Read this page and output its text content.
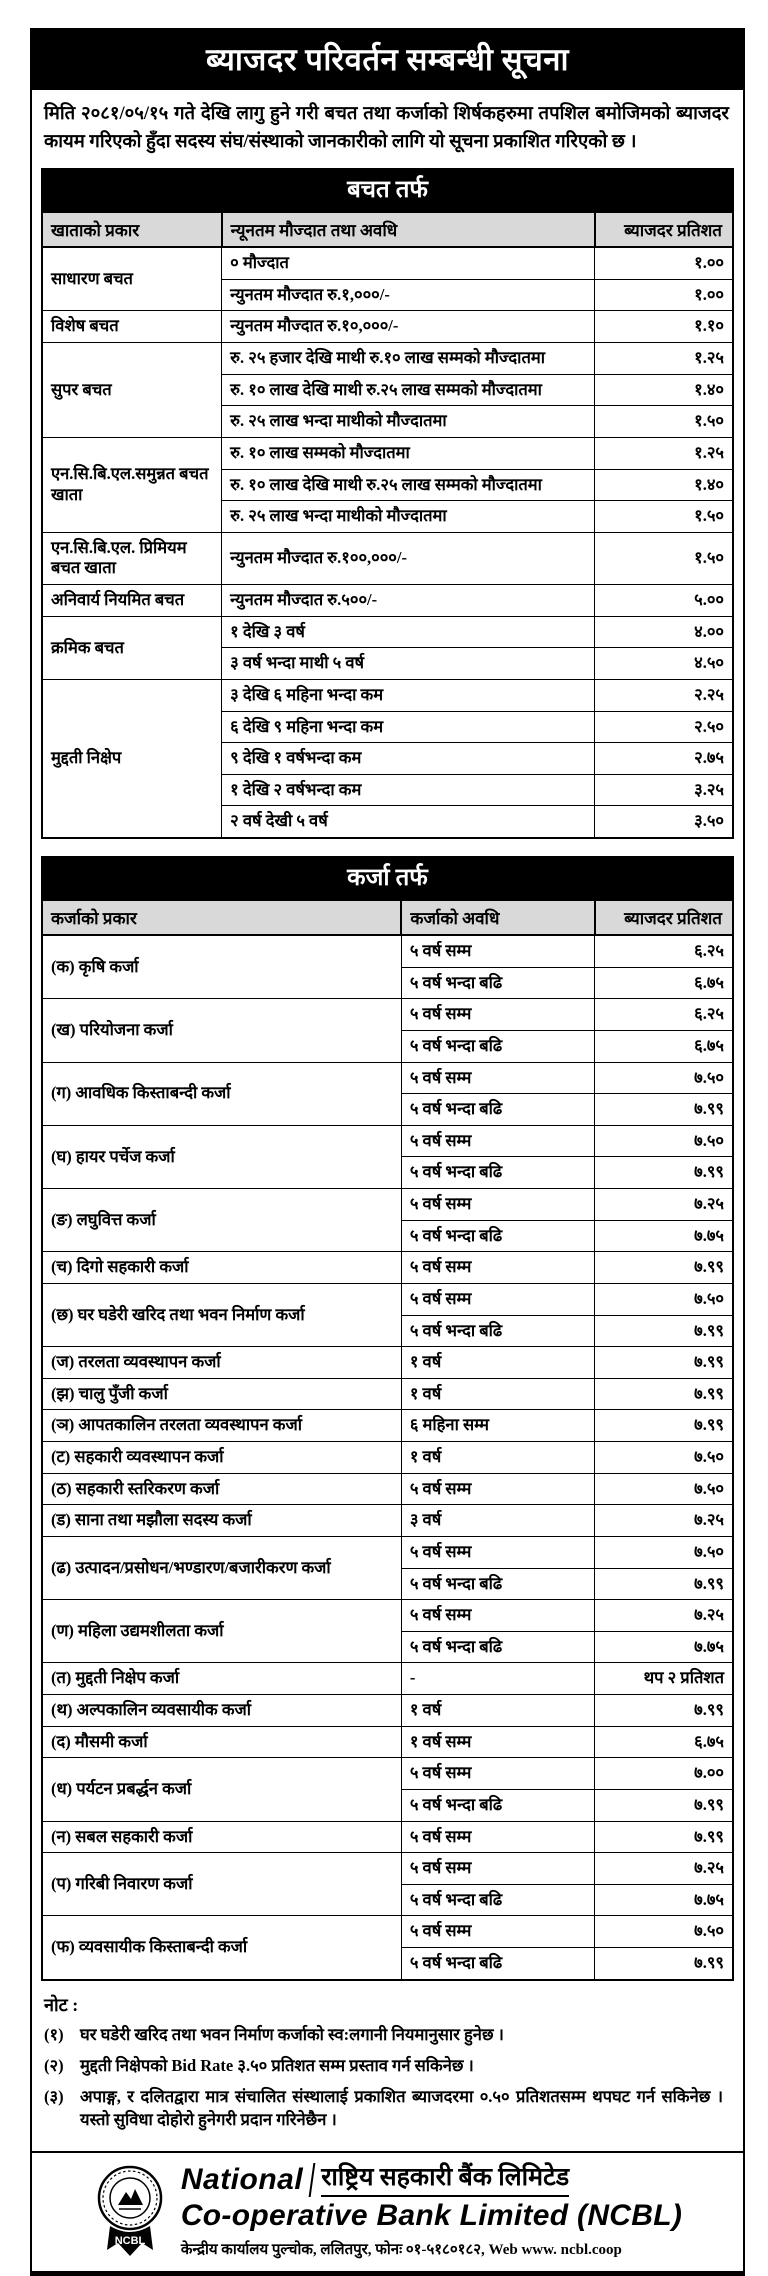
ब्याजदर परिवर्तन सम्बन्धी सूचना
मिति २०८१/०५/१५ गते देखि लागु हुने गरी बचत तथा कर्जाको शिर्षकहरुमा तपशिल बमोजिमको ब्याजदर कायम गरिएको हुँदा सदस्य संघ/संस्थाको जानकारीको लागि यो सूचना प्रकाशित गरिएको छ ।
बचत तर्फ
खाताको प्रकार	न्यूनतम मौज्दात तथा अवधि	ब्याजदर प्रतिशत
साधारण बचत	० मौज्दात	१.००
	न्युनतम मौज्दात रु.१,०००/-	१.००
विशेष बचत	न्युनतम मौज्दात रु.१०,०००/-	१.१०
सुपर बचत	रु. २५ हजार देखि माथी रु.१० लाख सम्मको मौज्दातमा	१.२५
	रु. १० लाख देखि माथी रु.२५ लाख सम्मको मौज्दातमा	१.४०
	रु. २५ लाख भन्दा माथीको मौज्दातमा	१.५०
एन.सि.बि.एल.समुन्नत बचत खाता	रु. १० लाख सम्मको मौज्दातमा	१.२५
	रु. १० लाख देखि माथी रु.२५ लाख सम्मको मौज्दातमा	१.४०
	रु. २५ लाख भन्दा माथीको मौज्दातमा	१.५०
एन.सि.बि.एल. प्रिमियम बचत खाता	न्युनतम मौज्दात रु.१००,०००/-	१.५०
अनिवार्य नियमित बचत	न्युनतम मौज्दात रु.५००/-	५.००
क्रमिक बचत	१ देखि ३ वर्ष	४.००
	३ वर्ष भन्दा माथी ५ वर्ष	४.५०
मुद्दती निक्षेप	३ देखि ६ महिना भन्दा कम	२.२५
	६ देखि ९ महिना भन्दा कम	२.५०
	९ देखि १ वर्षभन्दा कम	२.७५
	१ देखि २ वर्षभन्दा कम	३.२५
	२ वर्ष देखी ५ वर्ष	३.५०
कर्जा तर्फ
कर्जाको प्रकार	कर्जाको अवधि	ब्याजदर प्रतिशत
(क) कृषि कर्जा	५ वर्ष सम्म	६.२५
	५ वर्ष भन्दा बढि	६.७५
(ख) परियोजना कर्जा	५ वर्ष सम्म	६.२५
	५ वर्ष भन्दा बढि	६.७५
(ग) आवधिक किस्ताबन्दी कर्जा	५ वर्ष सम्म	७.५०
	५ वर्ष भन्दा बढि	७.९९
(घ) हायर पर्चेज कर्जा	५ वर्ष सम्म	७.५०
	५ वर्ष भन्दा बढि	७.९९
(ङ) लघुवित्त कर्जा	५ वर्ष सम्म	७.२५
	५ वर्ष भन्दा बढि	७.७५
(च) दिगो सहकारी कर्जा	५ वर्ष सम्म	७.९९
(छ) घर घडेरी खरिद तथा भवन निर्माण कर्जा	५ वर्ष सम्म	७.५०
	५ वर्ष भन्दा बढि	७.९९
(ज) तरलता व्यवस्थापन कर्जा	१ वर्ष	७.९९
(झ) चालु पुँजी कर्जा	१ वर्ष	७.९९
(ञ) आपतकालिन तरलता व्यवस्थापन कर्जा	६ महिना सम्म	७.९९
(ट) सहकारी व्यवस्थापन कर्जा	१ वर्ष	७.५०
(ठ) सहकारी स्तरिकरण कर्जा	५ वर्ष सम्म	७.५०
(ड) साना तथा मझौला सदस्य कर्जा	३ वर्ष	७.२५
(ढ) उत्पादन/प्रसोधन/भण्डारण/बजारीकरण कर्जा	५ वर्ष सम्म	७.५०
	५ वर्ष भन्दा बढि	७.९९
(ण) महिला उद्यमशीलता कर्जा	५ वर्ष सम्म	७.२५
	५ वर्ष भन्दा बढि	७.७५
(त) मुद्दती निक्षेप कर्जा	-	थप २ प्रतिशत
(थ) अल्पकालिन व्यवसायीक कर्जा	१ वर्ष	७.९९
(द) मौसमी कर्जा	१ वर्ष सम्म	६.७५
(ध) पर्यटन प्रबर्द्धन कर्जा	५ वर्ष सम्म	७.००
	५ वर्ष भन्दा बढि	७.९९
(न) सबल सहकारी कर्जा	५ वर्ष सम्म	७.९९
(प) गरिबी निवारण कर्जा	५ वर्ष सम्म	७.२५
	५ वर्ष भन्दा बढि	७.७५
(फ) व्यवसायीक किस्ताबन्दी कर्जा	५ वर्ष सम्म	७.५०
	५ वर्ष भन्दा बढि	७.९९
नोट :
(१) घर घडेरी खरिद तथा भवन निर्माण कर्जाको स्व:लगानी नियमानुसार हुनेछ ।
(२) मुद्दती निक्षेपको Bid Rate ३.५० प्रतिशत सम्म प्रस्ताव गर्न सकिनेछ ।
(३) अपाङ्ग, र दलितद्वारा मात्र संचालित संस्थालाई प्रकाशित ब्याजदरमा ०.५० प्रतिशतसम्म थपघट गर्न सकिनेछ । यस्तो सुविधा दोहोरो हुनेगरी प्रदान गरिनेछैन ।
NCBL
National राष्ट्रिय सहकारी बैंक लिमिटेड
Co-operative Bank Limited (NCBL)
केन्द्रीय कार्यालय पुल्चोक, ललितपुर, फोनः ०१-५१८०१८२, Web www. ncbl.coop
